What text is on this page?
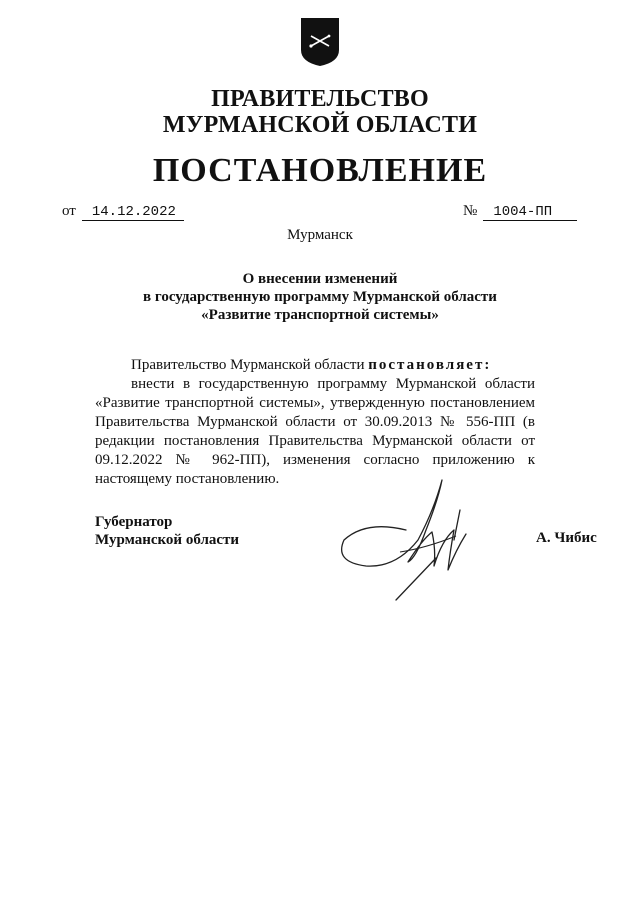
ПРАВИТЕЛЬСТВО
МУРМАНСКОЙ ОБЛАСТИ
ПОСТАНОВЛЕНИЕ
от 14.12.2022	№ 1004-ПП
Мурманск
О внесении изменений
в государственную программу Мурманской области
«Развитие транспортной системы»

Правительство Мурманской области постановляет:

внести в государственную программу Мурманской области «Развитие транспортной системы», утвержденную постановлением Правительства Мурманской области от 30.09.2013 № 556-ПП (в редакции постановления Правительства Мурманской области от 09.12.2022 № 962-ПП), изменения согласно приложению к настоящему постановлению.

Губернатор
Мурманской области	А. Чибис
